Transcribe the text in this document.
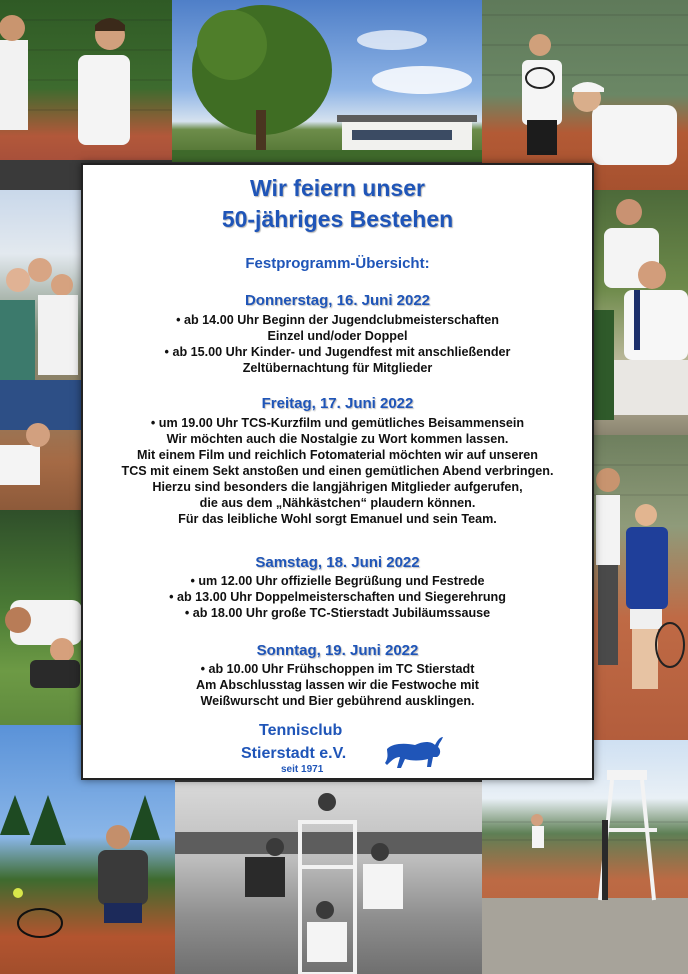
Wir feiern unser
50-jähriges Bestehen
Festprogramm-Übersicht:
Donnerstag, 16. Juni 2022
• ab 14.00 Uhr Beginn der Jugendclubmeisterschaften
Einzel und/oder Doppel
• ab 15.00 Uhr Kinder- und Jugendfest mit anschließender
Zeltübernachtung für Mitglieder
Freitag, 17. Juni 2022
• um 19.00 Uhr TCS-Kurzfilm und gemütliches Beisammensein
Wir möchten auch die Nostalgie zu Wort kommen lassen.
Mit einem Film und reichlich Fotomaterial möchten wir auf unseren
TCS mit einem Sekt anstoßen und einen gemütlichen Abend verbringen.
Hierzu sind besonders die langjährigen Mitglieder aufgerufen,
die aus dem „Nähkästchen“ plaudern können.
Für das leibliche Wohl sorgt Emanuel und sein Team.
Samstag, 18. Juni 2022
• um 12.00 Uhr offizielle Begrüßung und Festrede
• ab 13.00 Uhr Doppelmeisterschaften und Siegerehrung
• ab 18.00 Uhr große TC-Stierstadt Jubiläumssause
Sonntag, 19. Juni 2022
• ab 10.00 Uhr Frühschoppen im TC Stierstadt
Am Abschlusstag lassen wir die Festwoche mit
Weißwurscht und Bier gebührend ausklingen.
Tennisclub
Stierstadt e.V.
seit 1971
